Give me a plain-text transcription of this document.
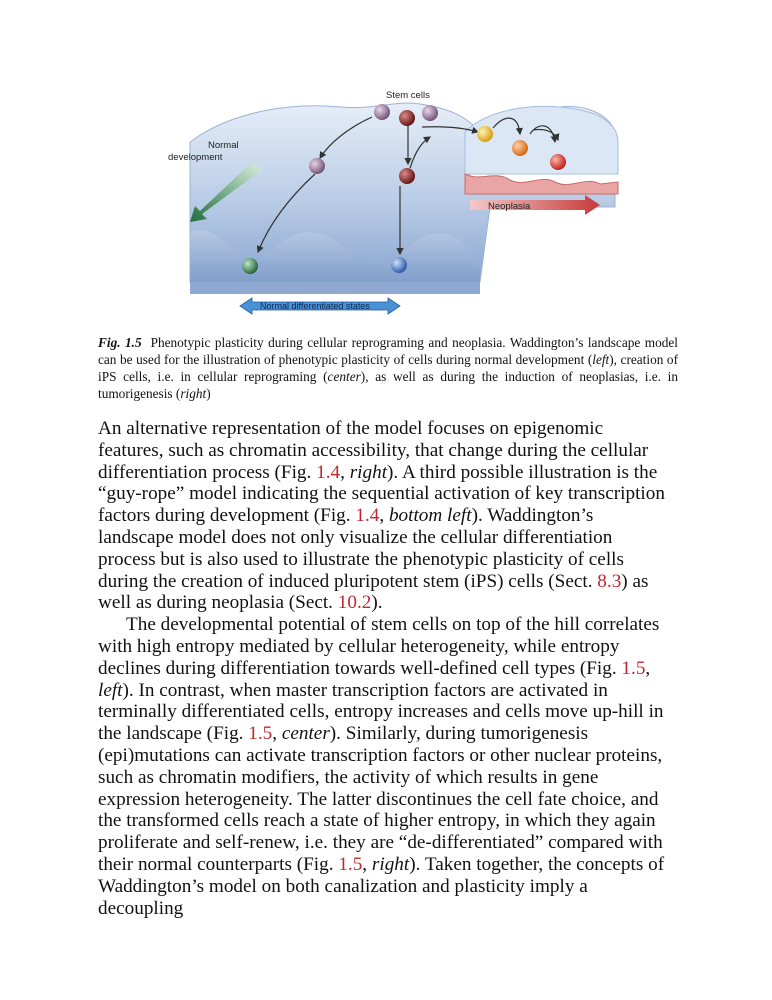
Stem cells
Normal
development
Neoplasia
Normal differentiated states
Fig. 1.5 Phenotypic plasticity during cellular reprograming and neoplasia. Waddington’s landscape model can be used for the illustration of phenotypic plasticity of cells during normal development (left), creation of iPS cells, i.e. in cellular reprograming (center), as well as during the induction of neoplasias, i.e. in tumorigenesis (right)

An alternative representation of the model focuses on epigenomic features, such as chromatin accessibility, that change during the cellular differentiation process (Fig. 1.4, right). A third possible illustration is the “guy-rope” model indicating the sequential activation of key transcription factors during development (Fig. 1.4, bottom left). Waddington’s landscape model does not only visualize the cellular differentiation process but is also used to illustrate the phenotypic plasticity of cells during the creation of induced pluripotent stem (iPS) cells (Sect. 8.3) as well as during neoplasia (Sect. 10.2).

The developmental potential of stem cells on top of the hill correlates with high entropy mediated by cellular heterogeneity, while entropy declines during differentiation towards well-defined cell types (Fig. 1.5, left). In contrast, when master transcription factors are activated in terminally differentiated cells, entropy increases and cells move up-hill in the landscape (Fig. 1.5, center). Similarly, during tumorigenesis (epi)mutations can activate transcription factors or other nuclear proteins, such as chromatin modifiers, the activity of which results in gene expression heterogeneity. The latter discontinues the cell fate choice, and the transformed cells reach a state of higher entropy, in which they again proliferate and self-renew, i.e. they are “de-differentiated” compared with their normal counterparts (Fig. 1.5, right). Taken together, the concepts of Waddington’s model on both canalization and plasticity imply a decoupling
